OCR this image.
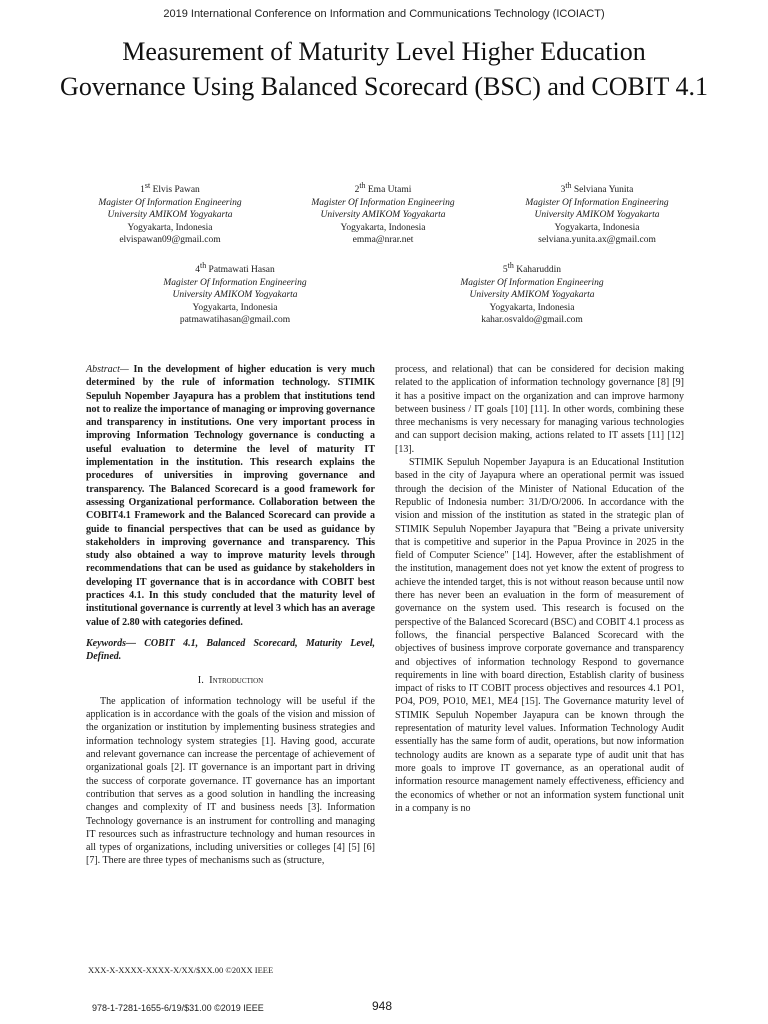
2019 International Conference on Information and Communications Technology (ICOIACT)
Measurement of Maturity Level Higher Education Governance Using Balanced Scorecard (BSC) and COBIT 4.1
1st Elvis Pawan
Magister Of Information Engineering
University AMIKOM Yogyakarta
Yogyakarta, Indonesia
elvispawan09@gmail.com
2th Ema Utami
Magister Of Information Engineering
University AMIKOM Yogyakarta
Yogyakarta, Indonesia
emma@nrar.net
3th Selviana Yunita
Magister Of Information Engineering
University AMIKOM Yogyakarta
Yogyakarta, Indonesia
selviana.yunita.ax@gmail.com
4th Patmawati Hasan
Magister Of Information Engineering
University AMIKOM Yogyakarta
Yogyakarta, Indonesia
patmawatihasan@gmail.com
5th Kaharuddin
Magister Of Information Engineering
University AMIKOM Yogyakarta
Yogyakarta, Indonesia
kahar.osvaldo@gmail.com

Abstract— In the development of higher education is very much determined by the rule of information technology. STIMIK Sepuluh Nopember Jayapura has a problem that institutions tend not to realize the importance of managing or improving governance and transparency in institutions. One very important process in improving Information Technology governance is conducting a useful evaluation to determine the level of maturity IT implementation in the institution. This research explains the procedures of universities in improving governance and transparency. The Balanced Scorecard is a good framework for assessing Organizational performance. Collaboration between the COBIT4.1 Framework and the Balanced Scorecard can provide a guide to financial perspectives that can be used as guidance by stakeholders in improving governance and transparency. This study also obtained a way to improve maturity levels through recommendations that can be used as guidance by stakeholders in developing IT governance that is in accordance with COBIT best practices 4.1. In this study concluded that the maturity level of institutional governance is currently at level 3 which has an average value of 2.80 with categories defined.

Keywords— COBIT 4.1, Balanced Scorecard, Maturity Level, Defined.

I. Introduction

The application of information technology will be useful if the application is in accordance with the goals of the vision and mission of the organization or institution by implementing business strategies and information technology system strategies [1]. Having good, accurate and relevant governance can increase the percentage of achievement of organizational goals [2]. IT governance is an important part in driving the success of corporate governance. IT governance has an important contribution that serves as a good solution in handling the increasing changes and complexity of IT and business needs [3]. Information Technology governance is an instrument for controlling and managing IT resources such as infrastructure technology and human resources in all types of organizations, including universities or colleges [4] [5] [6] [7]. There are three types of mechanisms such as (structure,

process, and relational) that can be considered for decision making related to the application of information technology governance [8] [9] it has a positive impact on the organization and can improve harmony between business / IT goals [10] [11]. In other words, combining these three mechanisms is very necessary for managing various technologies and can support decision making, actions related to IT assets [11] [12] [13].

STIMIK Sepuluh Nopember Jayapura is an Educational Institution based in the city of Jayapura where an operational permit was issued through the decision of the Minister of National Education of the Republic of Indonesia number: 31/D/O/2006. In accordance with the vision and mission of the institution as stated in the strategic plan of STIMIK Sepuluh Nopember Jayapura that "Being a private university that is competitive and superior in the Papua Province in 2025 in the field of Computer Science" [14]. However, after the establishment of the institution, management does not yet know the extent of progress to achieve the intended target, this is not without reason because until now there has never been an evaluation in the form of measurement of governance on the system used. This research is focused on the perspective of the Balanced Scorecard (BSC) and COBIT 4.1 process as follows, the financial perspective Balanced Scorecard with the objectives of business improve corporate governance and transparency and objectives of information technology Respond to governance requirements in line with board direction, Establish clarity of business impact of risks to IT COBIT process objectives and resources 4.1 PO1, PO4, PO9, PO10, ME1, ME4 [15]. The Governance maturity level of STIMIK Sepuluh Nopember Jayapura can be known through the representation of maturity level values. Information Technology Audit essentially has the same form of audit, operations, but now information technology audits are known as a separate type of audit unit that has more goals to improve IT governance, as an operational audit of information resource management namely effectiveness, efficiency and the economics of whether or not an information system functional unit in a company is no

XXX-X-XXXX-XXXX-X/XX/$XX.00 ©20XX IEEE
978-1-7281-1655-6/19/$31.00 ©2019 IEEE	948
